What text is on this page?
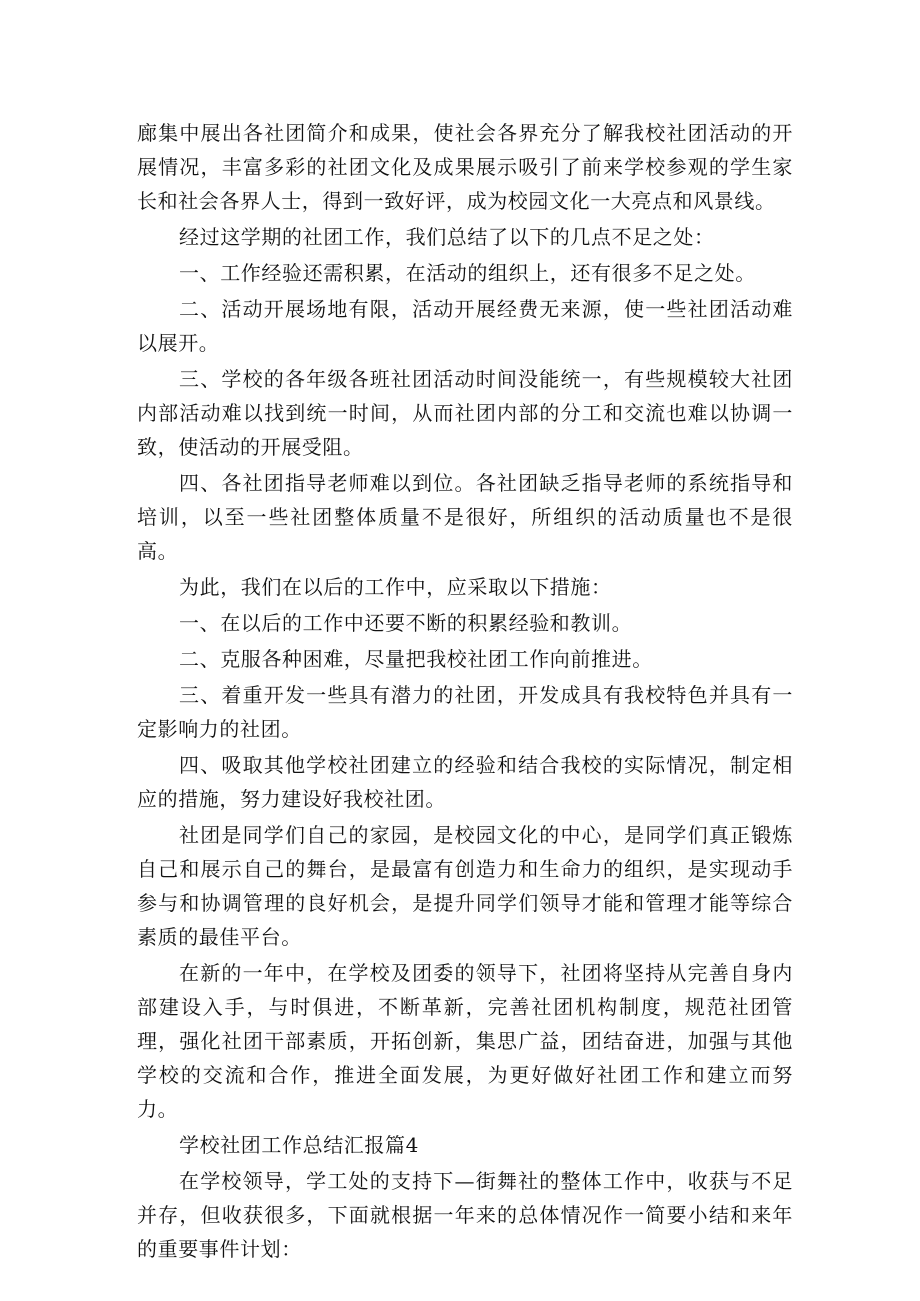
廊集中展出各社团简介和成果，使社会各界充分了解我校社团活动的开展情况，丰富多彩的社团文化及成果展示吸引了前来学校参观的学生家长和社会各界人士，得到一致好评，成为校园文化一大亮点和风景线。

经过这学期的社团工作，我们总结了以下的几点不足之处：

一、工作经验还需积累，在活动的组织上，还有很多不足之处。

二、活动开展场地有限，活动开展经费无来源，使一些社团活动难以展开。

三、学校的各年级各班社团活动时间没能统一，有些规模较大社团内部活动难以找到统一时间，从而社团内部的分工和交流也难以协调一致，使活动的开展受阻。

四、各社团指导老师难以到位。各社团缺乏指导老师的系统指导和培训，以至一些社团整体质量不是很好，所组织的活动质量也不是很高。

为此，我们在以后的工作中，应采取以下措施：

一、在以后的工作中还要不断的积累经验和教训。

二、克服各种困难，尽量把我校社团工作向前推进。

三、着重开发一些具有潜力的社团，开发成具有我校特色并具有一定影响力的社团。

四、吸取其他学校社团建立的经验和结合我校的实际情况，制定相应的措施，努力建设好我校社团。

社团是同学们自己的家园，是校园文化的中心，是同学们真正锻炼自己和展示自己的舞台，是最富有创造力和生命力的组织，是实现动手参与和协调管理的良好机会，是提升同学们领导才能和管理才能等综合素质的最佳平台。

在新的一年中，在学校及团委的领导下，社团将坚持从完善自身内部建设入手，与时俱进，不断革新，完善社团机构制度，规范社团管理，强化社团干部素质，开拓创新，集思广益，团结奋进，加强与其他学校的交流和合作，推进全面发展，为更好做好社团工作和建立而努力。

学校社团工作总结汇报篇4

在学校领导，学工处的支持下—街舞社的整体工作中，收获与不足并存，但收获很多，下面就根据一年来的总体情况作一简要小结和来年的重要事件计划：
